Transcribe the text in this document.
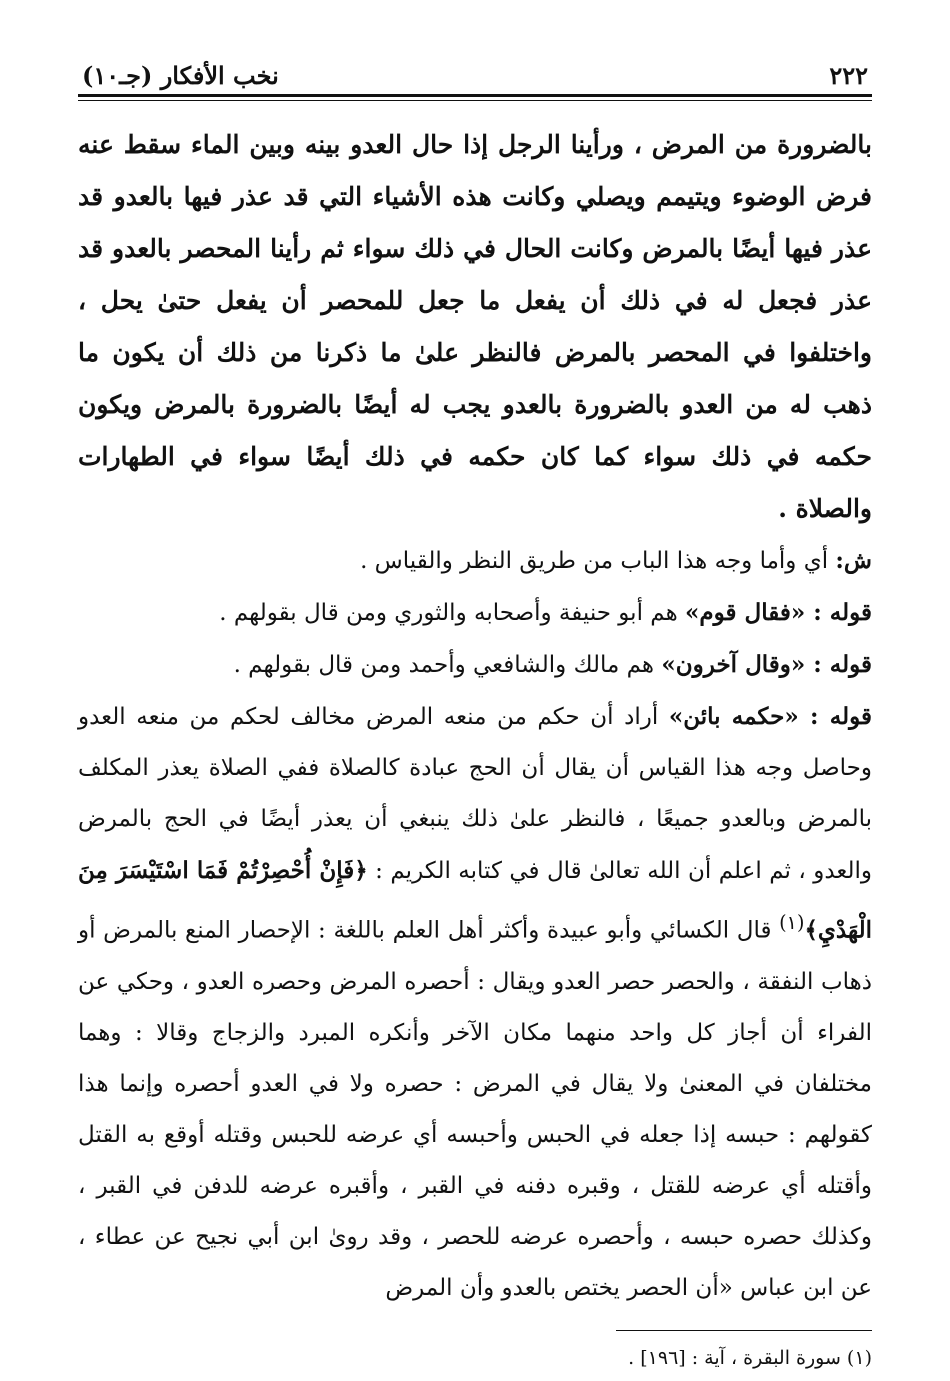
٢٢٢
نخب الأفكار (جـ١٠)

بالضرورة من المرض ، ورأينا الرجل إذا حال العدو بينه وبين الماء سقط عنه فرض الوضوء ويتيمم ويصلي وكانت هذه الأشياء التي قد عذر فيها بالعدو قد عذر فيها أيضًا بالمرض وكانت الحال في ذلك سواء ثم رأينا المحصر بالعدو قد عذر فجعل له في ذلك أن يفعل ما جعل للمحصر أن يفعل حتىٰ يحل ، واختلفوا في المحصر بالمرض فالنظر علىٰ ما ذكرنا من ذلك أن يكون ما ذهب له من العدو بالضرورة بالعدو يجب له أيضًا بالضرورة بالمرض ويكون حكمه في ذلك سواء كما كان حكمه في ذلك أيضًا سواء في الطهارات والصلاة .

ش: أي وأما وجه هذا الباب من طريق النظر والقياس .

قوله : «فقال قوم» هم أبو حنيفة وأصحابه والثوري ومن قال بقولهم .

قوله : «وقال آخرون» هم مالك والشافعي وأحمد ومن قال بقولهم .

قوله : «حكمه بائن» أراد أن حكم من منعه المرض مخالف لحكم من منعه العدو وحاصل وجه هذا القياس أن يقال أن الحج عبادة كالصلاة ففي الصلاة يعذر المكلف بالمرض وبالعدو جميعًا ، فالنظر علىٰ ذلك ينبغي أن يعذر أيضًا في الحج بالمرض والعدو ، ثم اعلم أن الله تعالىٰ قال في كتابه الكريم : ﴿فَإِنْ أُحْصِرْتُمْ فَمَا اسْتَيْسَرَ مِنَ الْهَدْيِ﴾$^{(١)}$ قال الكسائي وأبو عبيدة وأكثر أهل العلم باللغة : الإحصار المنع بالمرض أو ذهاب النفقة ، والحصر حصر العدو ويقال : أحصره المرض وحصره العدو ، وحكي عن الفراء أن أجاز كل واحد منهما مكان الآخر وأنكره المبرد والزجاج وقالا : وهما مختلفان في المعنىٰ ولا يقال في المرض : حصره ولا في العدو أحصره وإنما هذا كقولهم : حبسه إذا جعله في الحبس وأحبسه أي عرضه للحبس وقتله أوقع به القتل وأقتله أي عرضه للقتل ، وقبره دفنه في القبر ، وأقبره عرضه للدفن في القبر ، وكذلك حصره حبسه ، وأحصره عرضه للحصر ، وقد روىٰ ابن أبي نجيح عن عطاء ، عن ابن عباس «أن الحصر يختص بالعدو وأن المرض

(١) سورة البقرة ، آية : [١٩٦] .
